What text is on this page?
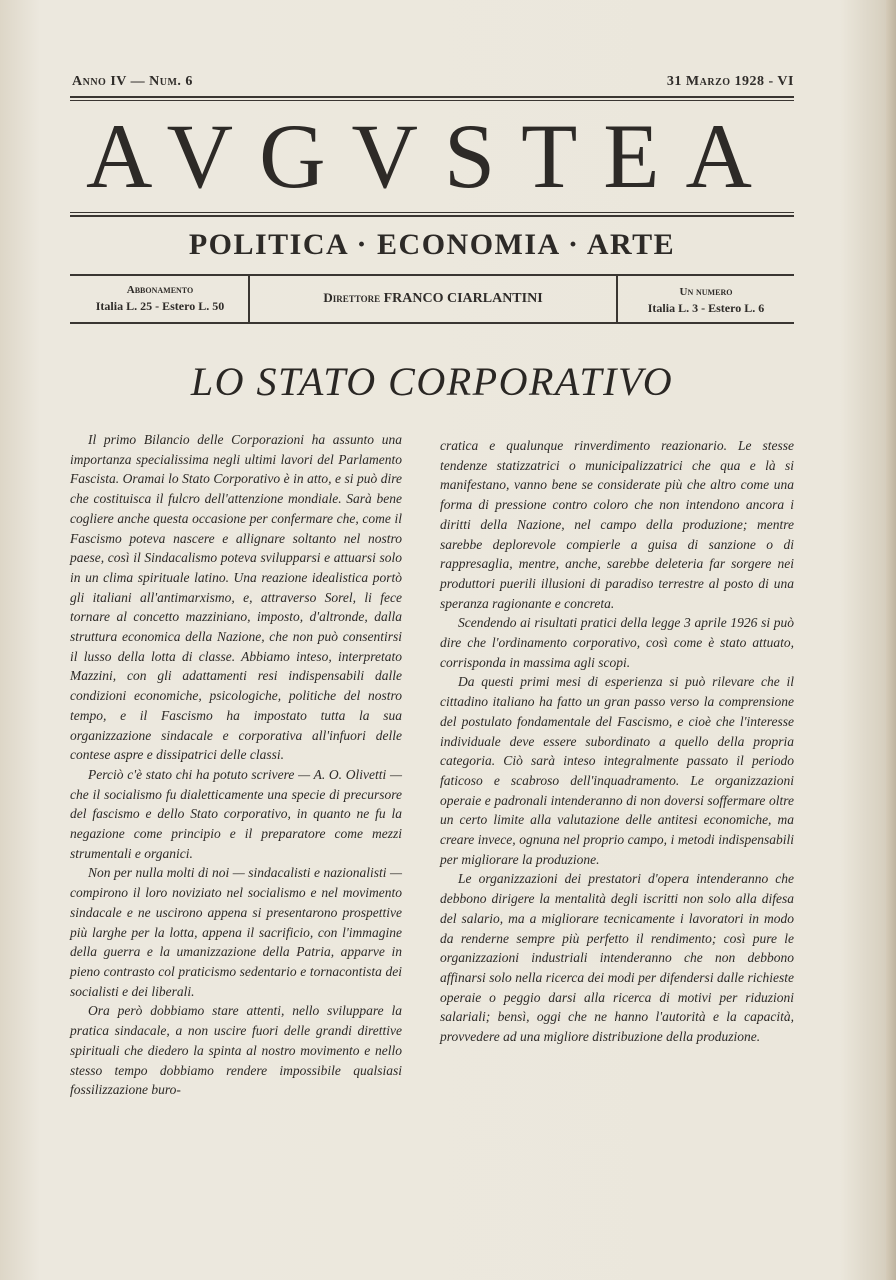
Anno IV — Num. 6	31 Marzo 1928 - VI
AVGVSTEA
POLITICA · ECONOMIA · ARTE
Abbonamento
Italia L. 25 - Estero L. 50
Direttore FRANCO CIARLANTINI	Un numero
Italia L. 3 - Estero L. 6
LO STATO CORPORATIVO

Il primo Bilancio delle Corporazioni ha assunto una importanza specialissima negli ultimi lavori del Parlamento Fascista. Oramai lo Stato Corporativo è in atto, e si può dire che costituisca il fulcro dell'attenzione mondiale. Sarà bene cogliere anche questa occasione per confermare che, come il Fascismo poteva nascere e allignare soltanto nel nostro paese, così il Sindacalismo poteva svilupparsi e attuarsi solo in un clima spirituale latino. Una reazione idealistica portò gli italiani all'antimarxismo, e, attraverso Sorel, li fece tornare al concetto mazziniano, imposto, d'altronde, dalla struttura economica della Nazione, che non può consentirsi il lusso della lotta di classe. Abbiamo inteso, interpretato Mazzini, con gli adattamenti resi indispensabili dalle condizioni economiche, psicologiche, politiche del nostro tempo, e il Fascismo ha impostato tutta la sua organizzazione sindacale e corporativa all'infuori delle contese aspre e dissipatrici delle classi.

Perciò c'è stato chi ha potuto scrivere — A. O. Olivetti — che il socialismo fu dialetticamente una specie di precursore del fascismo e dello Stato corporativo, in quanto ne fu la negazione come principio e il preparatore come mezzi strumentali e organici.

Non per nulla molti di noi — sindacalisti e nazionalisti — compirono il loro noviziato nel socialismo e nel movimento sindacale e ne uscirono appena si presentarono prospettive più larghe per la lotta, appena il sacrificio, con l'immagine della guerra e la umanizzazione della Patria, apparve in pieno contrasto col praticismo sedentario e tornacontista dei socialisti e dei liberali.

Ora però dobbiamo stare attenti, nello sviluppare la pratica sindacale, a non uscire fuori delle grandi direttive spirituali che diedero la spinta al nostro movimento e nello stesso tempo dobbiamo rendere impossibile qualsiasi fossilizzazione buro-

cratica e qualunque rinverdimento reazionario. Le stesse tendenze statizzatrici o municipalizzatrici che qua e là si manifestano, vanno bene se considerate più che altro come una forma di pressione contro coloro che non intendono ancora i diritti della Nazione, nel campo della produzione; mentre sarebbe deplorevole compierle a guisa di sanzione o di rappresaglia, mentre, anche, sarebbe deleteria far sorgere nei produttori puerili illusioni di paradiso terrestre al posto di una speranza ragionante e concreta.

Scendendo ai risultati pratici della legge 3 aprile 1926 si può dire che l'ordinamento corporativo, così come è stato attuato, corrisponda in massima agli scopi.

Da questi primi mesi di esperienza si può rilevare che il cittadino italiano ha fatto un gran passo verso la comprensione del postulato fondamentale del Fascismo, e cioè che l'interesse individuale deve essere subordinato a quello della propria categoria. Ciò sarà inteso integralmente passato il periodo faticoso e scabroso dell'inquadramento. Le organizzazioni operaie e padronali intenderanno di non doversi soffermare oltre un certo limite alla valutazione delle antitesi economiche, ma creare invece, ognuna nel proprio campo, i metodi indispensabili per migliorare la produzione.

Le organizzazioni dei prestatori d'opera intenderanno che debbono dirigere la mentalità degli iscritti non solo alla difesa del salario, ma a migliorare tecnicamente i lavoratori in modo da renderne sempre più perfetto il rendimento; così pure le organizzazioni industriali intenderanno che non debbono affinarsi solo nella ricerca dei modi per difendersi dalle richieste operaie o peggio darsi alla ricerca di motivi per riduzioni salariali; bensì, oggi che ne hanno l'autorità e la capacità, provvedere ad una migliore distribuzione della produzione.
